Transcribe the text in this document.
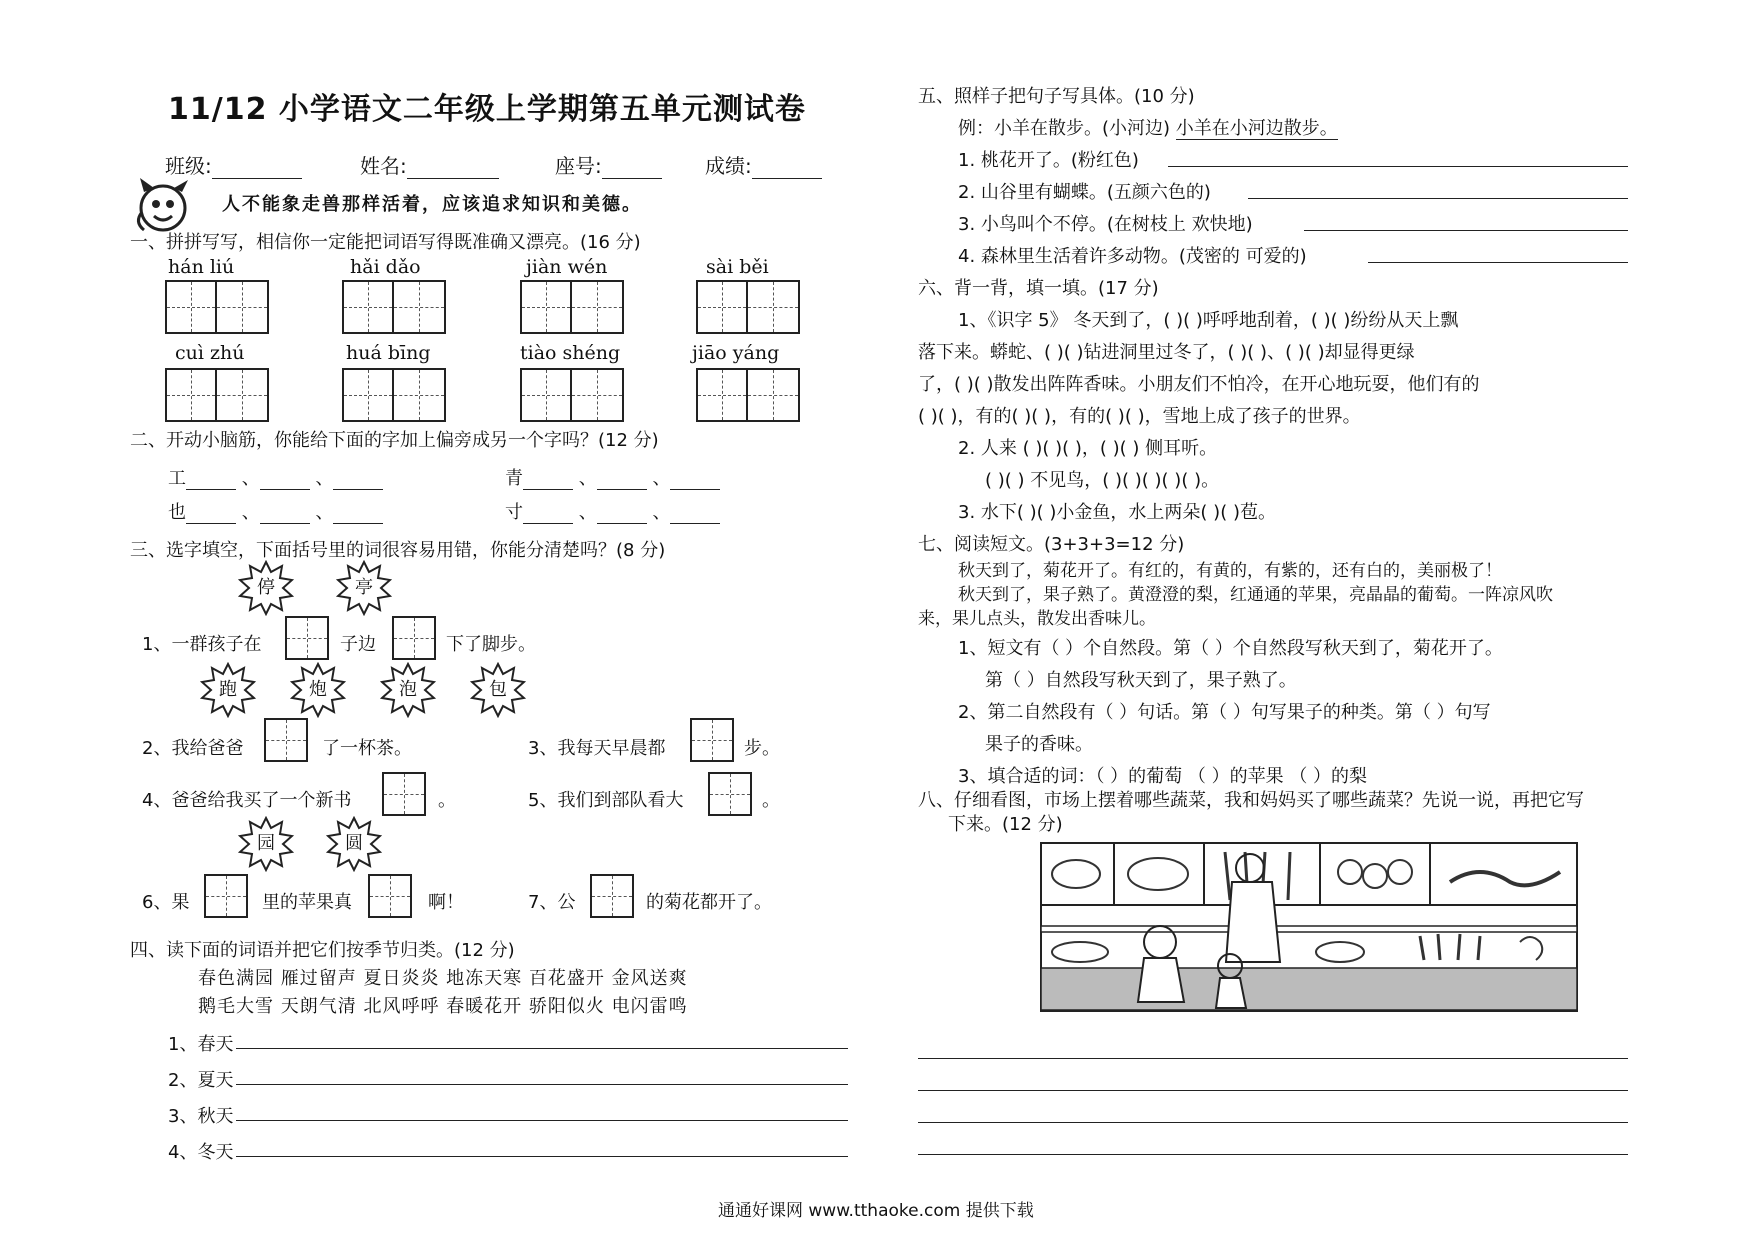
11/12 小学语文二年级上学期第五单元测试卷
班级:	姓名:	座号:	成绩:
人不能象走兽那样活着，应该追求知识和美德。
一、拼拼写写，相信你一定能把词语写得既准确又漂亮。(16 分)
hán liú	hǎi dǎo	jiàn wén	sài běi
cuì zhú	huá bīng	tiào shéng	jiāo yáng
二、开动小脑筋，你能给下面的字加上偏旁成另一个字吗？(12 分)
工	、	、	青	、	、
也	、	、	寸	、	、
三、选字填空，下面括号里的词很容易用错，你能分清楚吗？(8 分)
停	亭
1、一群孩子在	子边	下了脚步。
跑	炮	泡	包
2、我给爸爸	了一杯茶。	3、我每天早晨都	步。
4、爸爸给我买了一个新书	。	5、我们到部队看大	。
园	圆
6、果	里的苹果真	啊！	7、公	的菊花都开了。
四、读下面的词语并把它们按季节归类。(12 分)
春色满园 雁过留声 夏日炎炎 地冻天寒 百花盛开 金风送爽
鹅毛大雪 天朗气清 北风呼呼 春暖花开 骄阳似火 电闪雷鸣
1、春天
2、夏天
3、秋天
4、冬天
五、照样子把句子写具体。(10 分)
例：小羊在散步。(小河边) 小羊在小河边散步。
1. 桃花开了。(粉红色)
2. 山谷里有蝴蝶。(五颜六色的)
3. 小鸟叫个不停。(在树枝上 欢快地)
4. 森林里生活着许多动物。(茂密的 可爱的)
六、背一背，填一填。(17 分)
1、《识字 5》 冬天到了，( )( )呼呼地刮着，( )( )纷纷从天上飘
落下来。蟒蛇、( )( )钻进洞里过冬了，( )( )、( )( )却显得更绿
了，( )( )散发出阵阵香味。小朋友们不怕冷，在开心地玩耍，他们有的
( )( )，有的( )( )，有的( )( )，雪地上成了孩子的世界。
2. 人来 ( )( )( )，( )( ) 侧耳听。
( )( ) 不见鸟，( )( )( )( )( )。
3. 水下( )( )小金鱼，水上两朵( )( )苞。
七、阅读短文。(3+3+3=12 分)
秋天到了，菊花开了。有红的，有黄的，有紫的，还有白的，美丽极了！
秋天到了，果子熟了。黄澄澄的梨，红通通的苹果，亮晶晶的葡萄。一阵凉风吹
来，果儿点头，散发出香味儿。
1、短文有（ ）个自然段。第（ ）个自然段写秋天到了，菊花开了。
第（ ）自然段写秋天到了，果子熟了。
2、第二自然段有（ ）句话。第（ ）句写果子的种类。第（ ）句写
果子的香味。
3、填合适的词：（ ）的葡萄 （ ）的苹果 （ ）的梨
八、仔细看图，市场上摆着哪些蔬菜，我和妈妈买了哪些蔬菜？先说一说，再把它写
下来。(12 分)
通通好课网 www.tthaoke.com 提供下载
